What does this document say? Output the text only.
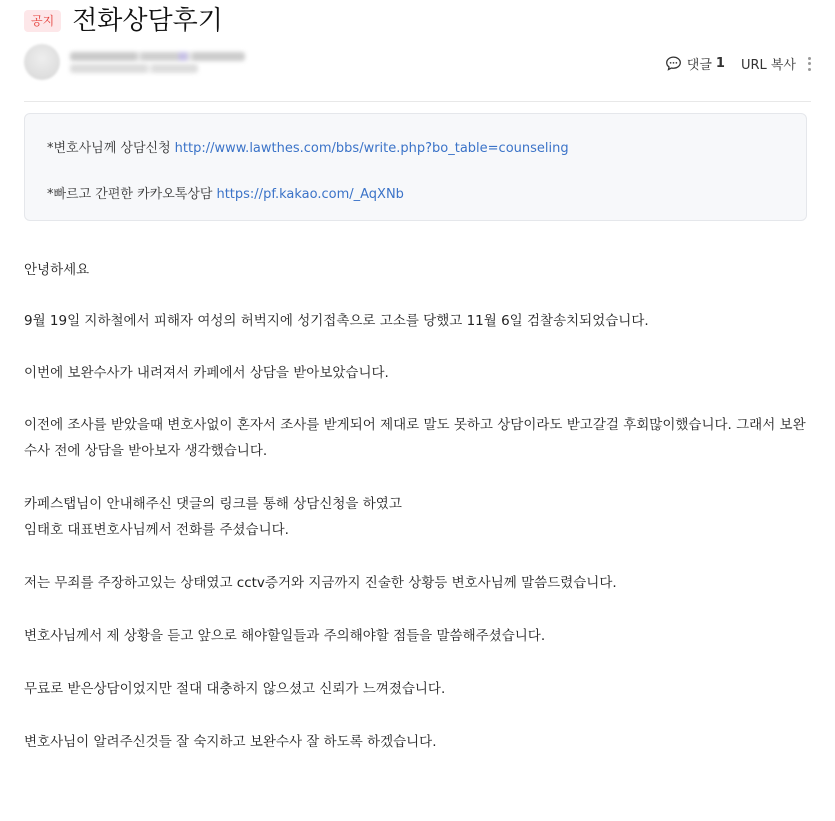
공지 전화상담후기
댓글 1 URL 복사
*변호사님께 상담신청 http://www.lawthes.com/bbs/write.php?bo_table=counseling
*빠르고 간편한 카카오톡상담 https://pf.kakao.com/_AqXNb
안녕하세요
9월 19일 지하철에서 피해자 여성의 허벅지에 성기접촉으로 고소를 당했고 11월 6일 검찰송치되었습니다.
이번에 보완수사가 내려져서 카페에서 상담을 받아보았습니다.
이전에 조사를 받았을때 변호사없이 혼자서 조사를 받게되어 제대로 말도 못하고 상담이라도 받고갈걸 후회많이했습니다. 그래서 보완수사 전에 상담을 받아보자 생각했습니다.
카페스탭님이 안내해주신 댓글의 링크를 통해 상담신청을 하였고
임태호 대표변호사님께서 전화를 주셨습니다.
저는 무죄를 주장하고있는 상태였고 cctv증거와 지금까지 진술한 상황등 변호사님께 말씀드렸습니다.
변호사님께서 제 상황을 듣고 앞으로 해야할일들과 주의해야할 점들을 말씀해주셨습니다.
무료로 받은상담이었지만 절대 대충하지 않으셨고 신뢰가 느껴졌습니다.
변호사님이 알려주신것들 잘 숙지하고 보완수사 잘 하도록 하겠습니다.
